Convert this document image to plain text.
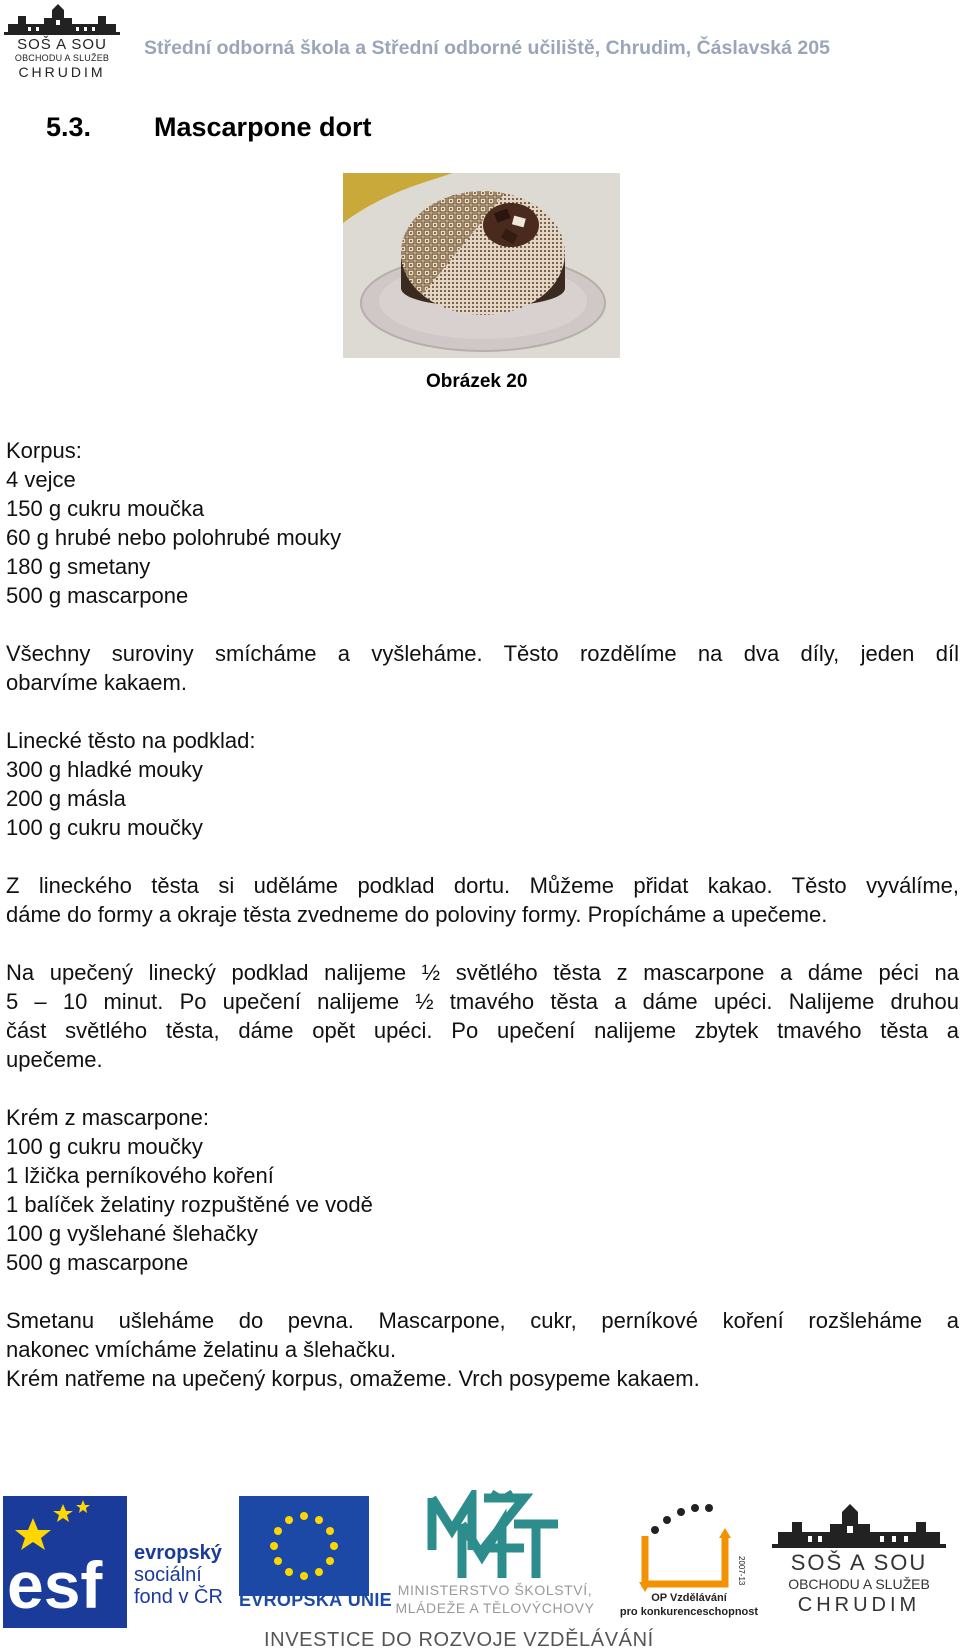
SOŠ A SOU
OBCHODU A SLUŽEB
CHRUDIM
Střední odborná škola a Střední odborné učiliště, Chrudim, Čáslavská 205
5.3. Mascarpone dort
Obrázek 20
Korpus:
4 vejce
150 g cukru moučka
60 g hrubé nebo polohrubé mouky
180 g smetany
500 g mascarpone
Všechny suroviny smícháme a vyšleháme. Těsto rozdělíme na dva díly, jeden díl
obarvíme kakaem.
Linecké těsto na podklad:
300 g hladké mouky
200 g másla
100 g cukru moučky
Z lineckého těsta si uděláme podklad dortu. Můžeme přidat kakao. Těsto vyválíme,
dáme do formy a okraje těsta zvedneme do poloviny formy. Propícháme a upečeme.
Na upečený linecký podklad nalijeme ½ světlého těsta z mascarpone a dáme péci na
5 – 10 minut. Po upečení nalijeme ½ tmavého těsta a dáme upéci. Nalijeme druhou
část světlého těsta, dáme opět upéci. Po upečení nalijeme zbytek tmavého těsta a
upečeme.
Krém z mascarpone:
100 g cukru moučky
1 lžička perníkového koření
1 balíček želatiny rozpuštěné ve vodě
100 g vyšlehané šlehačky
500 g mascarpone
Smetanu ušleháme do pevna. Mascarpone, cukr, perníkové koření rozšleháme a
nakonec vmícháme želatinu a šlehačku.
Krém natřeme na upečený korpus, omažeme. Vrch posypeme kakaem.
esf evropský
sociální
fond v ČR EVROPSKÁ UNIE MINISTERSTVO ŠKOLSTVÍ,
MLÁDEŽE A TĚLOVÝCHOVY
2007-13
OP Vzdělávání
pro konkurenceschopnost
SOŠ A SOU
OBCHODU A SLUŽEB
CHRUDIM
INVESTICE DO ROZVOJE VZDĚLÁVÁNÍ
